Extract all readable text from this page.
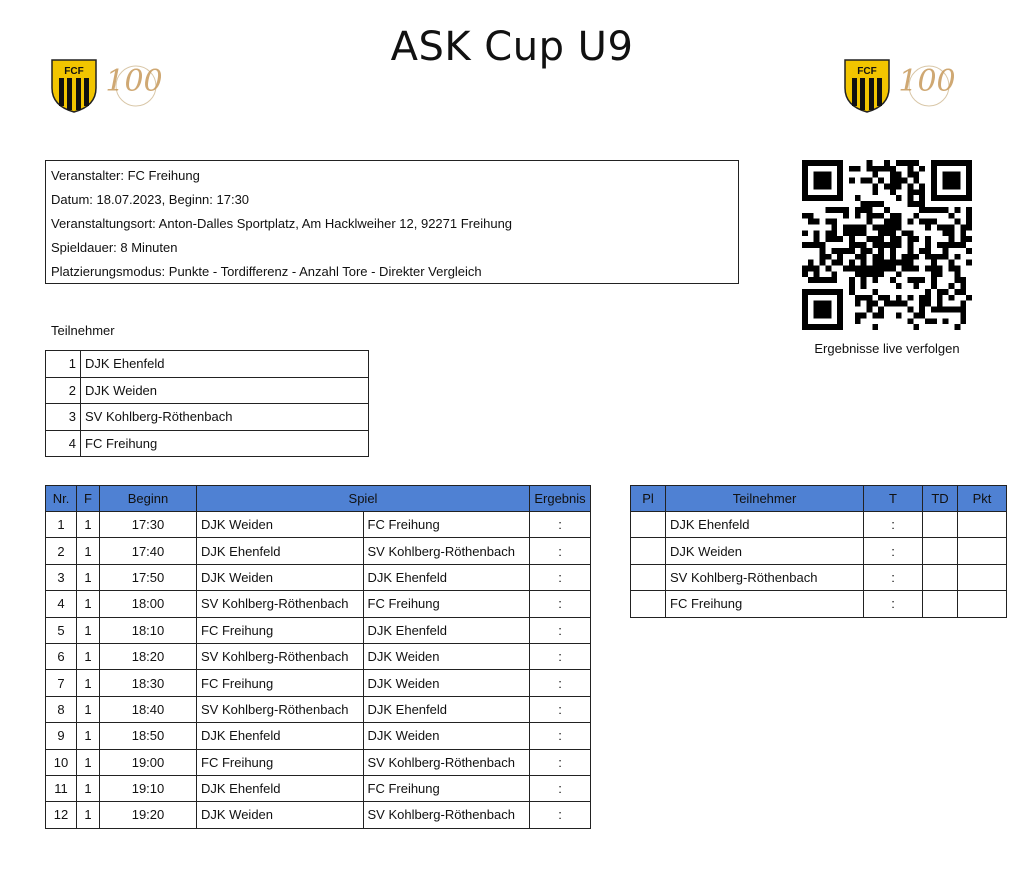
ASK Cup U9
FCF 100	FCF 100
Veranstalter: FC Freihung
Datum: 18.07.2023, Beginn: 17:30
Veranstaltungsort: Anton-Dalles Sportplatz, Am Hacklweiher 12, 92271 Freihung
Spieldauer: 8 Minuten
Platzierungsmodus: Punkte - Tordifferenz - Anzahl Tore - Direkter Vergleich
Ergebnisse live verfolgen
Teilnehmer
1	DJK Ehenfeld
2	DJK Weiden
3	SV Kohlberg-Röthenbach
4	FC Freihung
Nr.	F	Beginn	Spiel		Ergebnis
1	1	17:30	DJK Weiden	FC Freihung	:
2	1	17:40	DJK Ehenfeld	SV Kohlberg-Röthenbach	:
3	1	17:50	DJK Weiden	DJK Ehenfeld	:
4	1	18:00	SV Kohlberg-Röthenbach	FC Freihung	:
5	1	18:10	FC Freihung	DJK Ehenfeld	:
6	1	18:20	SV Kohlberg-Röthenbach	DJK Weiden	:
7	1	18:30	FC Freihung	DJK Weiden	:
8	1	18:40	SV Kohlberg-Röthenbach	DJK Ehenfeld	:
9	1	18:50	DJK Ehenfeld	DJK Weiden	:
10	1	19:00	FC Freihung	SV Kohlberg-Röthenbach	:
11	1	19:10	DJK Ehenfeld	FC Freihung	:
12	1	19:20	DJK Weiden	SV Kohlberg-Röthenbach	:
Pl	Teilnehmer	T	TD	Pkt
	DJK Ehenfeld	:		
	DJK Weiden	:		
	SV Kohlberg-Röthenbach	:		
	FC Freihung	:		
